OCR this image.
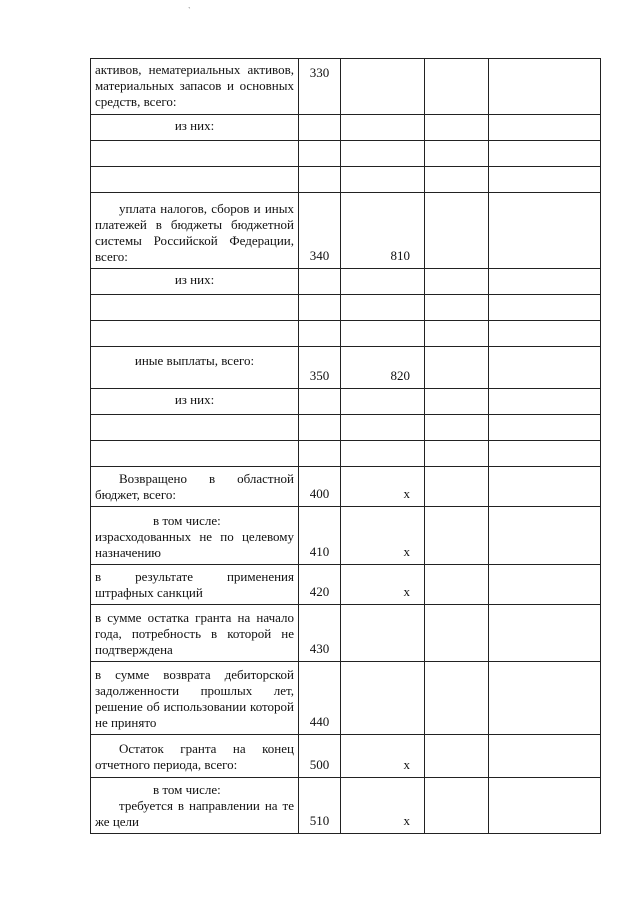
`
активов, нематериальных активов, материальных запасов и основных средств, всего:	330			
из них:				

уплата налогов, сборов и иных платежей в бюджеты бюджетной системы Российской Федерации, всего:	340	810		
из них:				

иные выплаты, всего:	350	820		
из них:				

Возвращено в областной бюджет, всего:	400	x		

в том числе:
израсходованных не по целевому назначению	410	x		
в результате применения штрафных санкций	420	x		
в сумме остатка гранта на начало года, потребность в которой не подтверждена	430			
в сумме возврата дебиторской задолженности прошлых лет, решение об использовании которой не принято	440			
Остаток гранта на конец отчетного периода, всего:	500	x		

в том числе:
требуется в направлении на те же цели	510	x		
